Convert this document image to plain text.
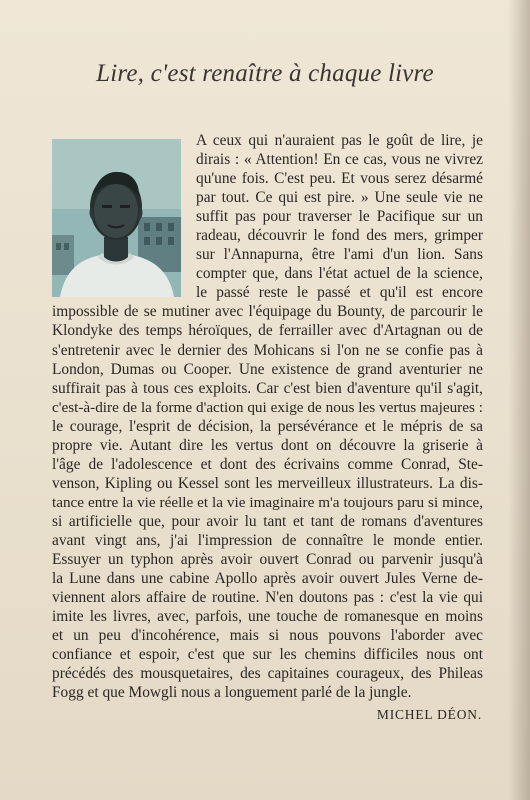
Lire, c'est renaître à chaque livre
A ceux qui n'auraient pas le goût de lire, je
dirais : « Attention! En ce cas, vous ne vivrez
qu'une fois. C'est peu. Et vous serez désarmé
par tout. Ce qui est pire. » Une seule vie ne
suffit pas pour traverser le Pacifique sur un
radeau, découvrir le fond des mers, grimper
sur l'Annapurna, être l'ami d'un lion. Sans
compter que, dans l'état actuel de la science,
le passé reste le passé et qu'il est encore
impossible de se mutiner avec l'équipage du Bounty, de parcourir le
Klondyke des temps héroïques, de ferrailler avec d'Artagnan ou de
s'entretenir avec le dernier des Mohicans si l'on ne se confie pas à
London, Dumas ou Cooper. Une existence de grand aventurier ne
suffirait pas à tous ces exploits. Car c'est bien d'aventure qu'il s'agit,
c'est-à-dire de la forme d'action qui exige de nous les vertus majeures :
le courage, l'esprit de décision, la persévérance et le mépris de sa
propre vie. Autant dire les vertus dont on découvre la griserie à
l'âge de l'adolescence et dont des écrivains comme Conrad, Ste-
venson, Kipling ou Kessel sont les merveilleux illustrateurs. La dis-
tance entre la vie réelle et la vie imaginaire m'a toujours paru si mince,
si artificielle que, pour avoir lu tant et tant de romans d'aventures
avant vingt ans, j'ai l'impression de connaître le monde entier.
Essuyer un typhon après avoir ouvert Conrad ou parvenir jusqu'à
la Lune dans une cabine Apollo après avoir ouvert Jules Verne de-
viennent alors affaire de routine. N'en doutons pas : c'est la vie qui
imite les livres, avec, parfois, une touche de romanesque en moins
et un peu d'incohérence, mais si nous pouvons l'aborder avec
confiance et espoir, c'est que sur les chemins difficiles nous ont
précédés des mousquetaires, des capitaines courageux, des Phileas
Fogg et que Mowgli nous a longuement parlé de la jungle.
MICHEL DÉON.
